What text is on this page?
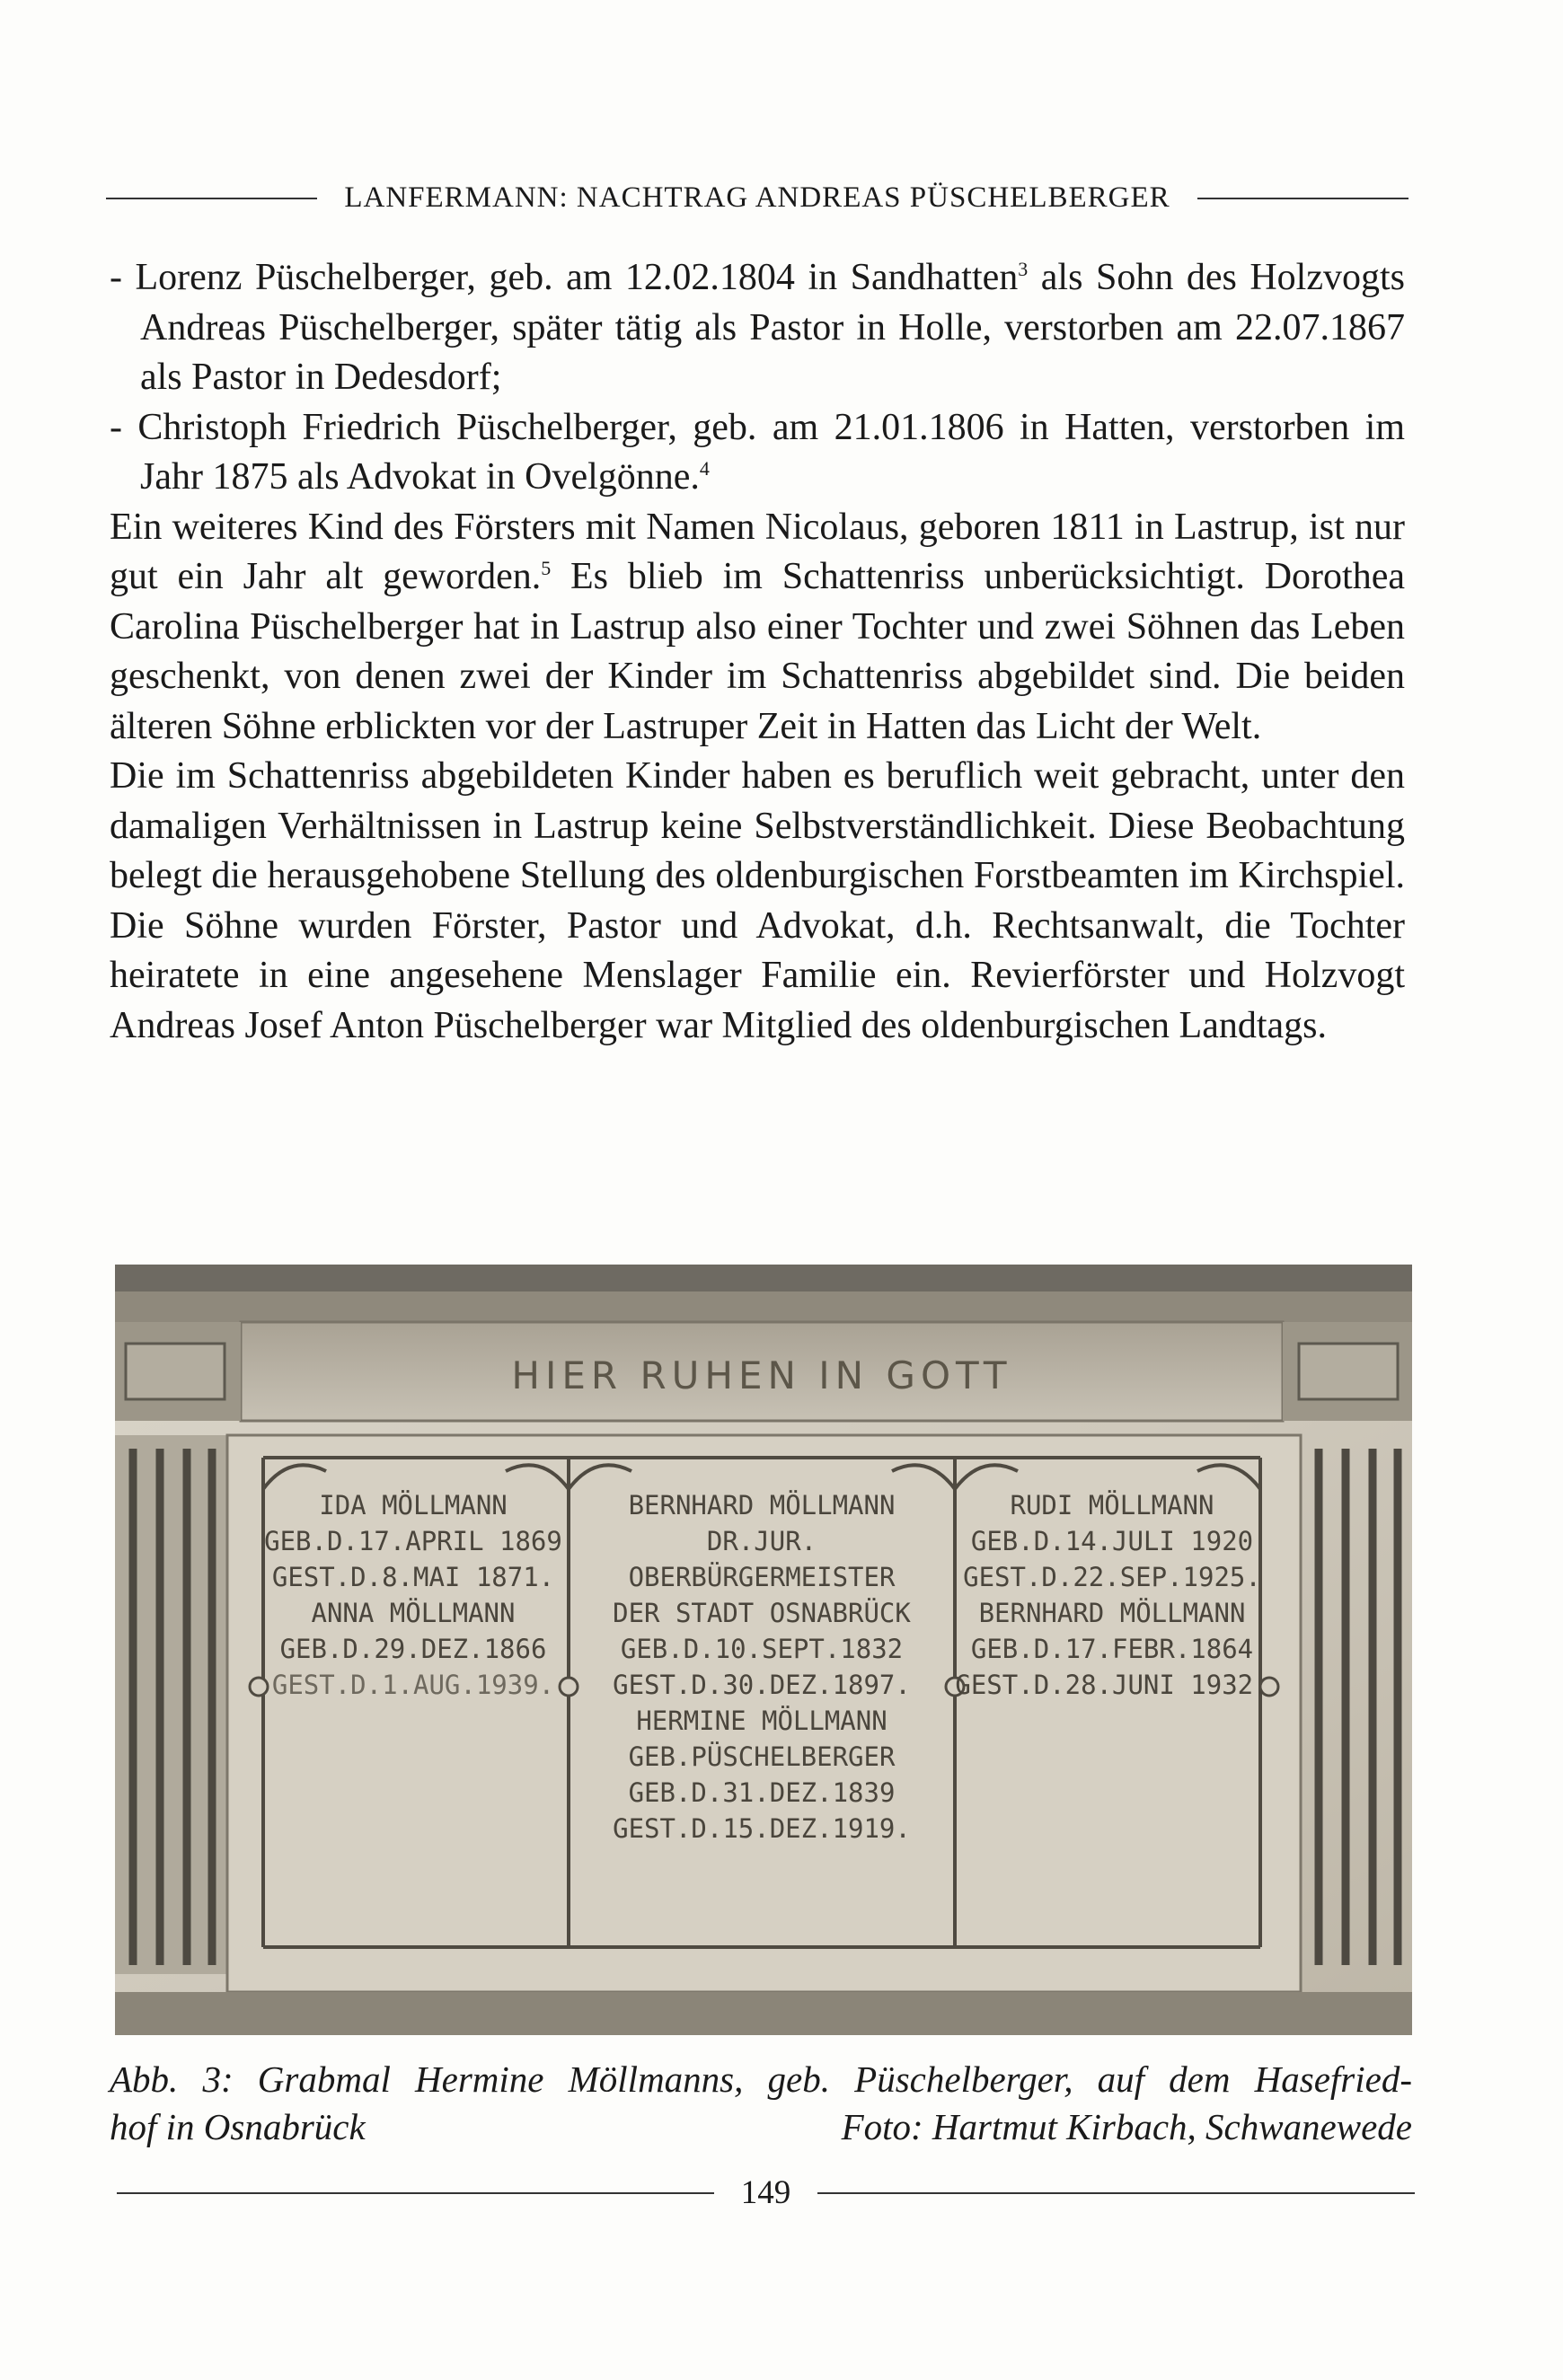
LANFERMANN: NACHTRAG ANDREAS PÜSCHELBERGER

- Lorenz Püschelberger, geb. am 12.02.1804 in Sandhatten$^3$ als Sohn des Holzvogts Andreas Püschelberger, später tätig als Pastor in Holle, verstorben am 22.07.1867 als Pastor in Dedesdorf;

- Christoph Friedrich Püschelberger, geb. am 21.01.1806 in Hatten, verstorben im Jahr 1875 als Advokat in Ovelgönne.$^4$

Ein weiteres Kind des Försters mit Namen Nicolaus, geboren 1811 in Lastrup, ist nur gut ein Jahr alt geworden.$^5$ Es blieb im Schattenriss unberücksichtigt. Dorothea Carolina Püschelberger hat in Lastrup also einer Tochter und zwei Söhnen das Leben geschenkt, von denen zwei der Kinder im Schattenriss abgebildet sind. Die beiden älteren Söhne erblickten vor der Lastruper Zeit in Hatten das Licht der Welt.

Die im Schattenriss abgebildeten Kinder haben es beruflich weit gebracht, unter den damaligen Verhältnissen in Lastrup keine Selbstverständlichkeit. Diese Beobachtung belegt die herausgehobene Stellung des oldenburgischen Forstbeamten im Kirchspiel. Die Söhne wurden Förster, Pastor und Advokat, d.h. Rechtsanwalt, die Tochter heiratete in eine angesehene Menslager Familie ein. Revierförster und Holzvogt Andreas Josef Anton Püschelberger war Mitglied des oldenburgischen Landtags.

HIER RUHEN IN GOTT
IDA MÖLLMANN
GEB.D.17.APRIL 1869
GEST.D.8.MAI 1871.
ANNA MÖLLMANN
GEB.D.29.DEZ.1866
GEST.D.1.AUG.1939.
BERNHARD MÖLLMANN
DR.JUR.
OBERBÜRGERMEISTER
DER STADT OSNABRÜCK
GEB.D.10.SEPT.1832
GEST.D.30.DEZ.1897.
HERMINE MÖLLMANN
GEB.PÜSCHELBERGER
GEB.D.31.DEZ.1839
GEST.D.15.DEZ.1919.
RUDI MÖLLMANN
GEB.D.14.JULI 1920
GEST.D.22.SEP.1925.
BERNHARD MÖLLMANN
GEB.D.17.FEBR.1864
GEST.D.28.JUNI 1932.
Abb. 3: Grabmal Hermine Möllmanns, geb. Püschelberger, auf dem Hasefried-
hof in Osnabrück	Foto: Hartmut Kirbach, Schwanewede
149
